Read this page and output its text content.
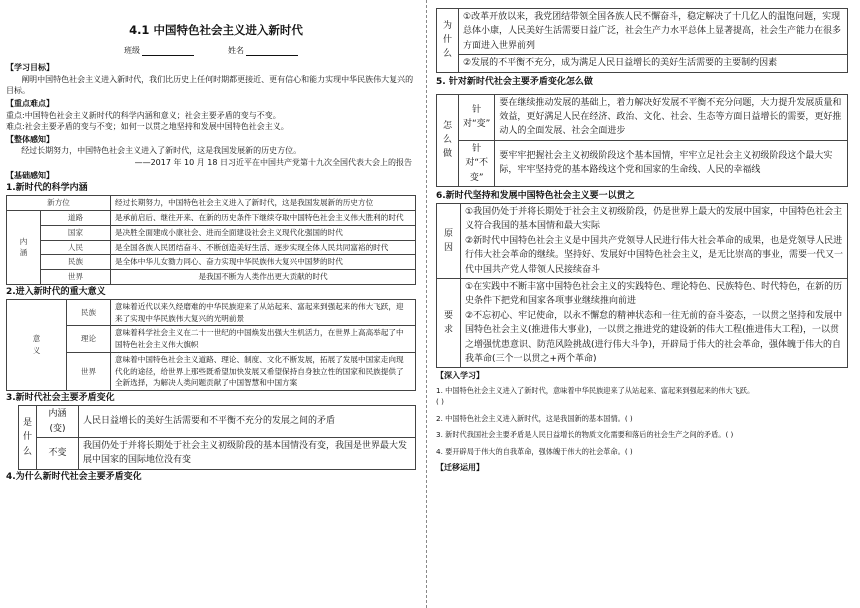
4.1 中国特色社会主义进入新时代
班级	姓名
【学习目标】
阐明中国特色社会主义进入新时代，我们比历史上任何时期都更接近、更有信心和能力实现中华民族伟大复兴的目标。
【重点难点】
重点:中国特色社会主义新时代的科学内涵和意义；社会主要矛盾的变与不变。
难点:社会主要矛盾的变与不变；如何一以贯之地坚持和发展中国特色社会主义。
【整体感知】
经过长期努力，中国特色社会主义进入了新时代，这是我国发展新的历史方位。
——2017 年 10 月 18 日习近平在中国共产党第十九次全国代表大会上的报告
【基础感知】
1.新时代的科学内涵
新方位		经过长期努力，中国特色社会主义进入了新时代，这是我国发展新的历史方位
内
涵	道路	是承前启后、继往开来、在新的历史条件下继续夺取中国特色社会主义伟大胜利的时代
	国家	是决胜全面建成小康社会、进而全面建设社会主义现代化强国的时代
	人民	是全国各族人民团结奋斗、不断创造美好生活、逐步实现全体人民共同富裕的时代
	民族	是全体中华儿女勠力同心、奋力实现中华民族伟大复兴中国梦的时代
	世界	是我国不断为人类作出更大贡献的时代
2.进入新时代的重大意义
意
义	民族	意味着近代以来久经磨难的中华民族迎来了从站起来、富起来到强起来的伟大飞跃，迎来了实现中华民族伟大复兴的光明前景
	理论	意味着科学社会主义在二十一世纪的中国焕发出强大生机活力，在世界上高高举起了中国特色社会主义伟大旗帜
	世界	意味着中国特色社会主义道路、理论、制度、文化不断发展，拓展了发展中国家走向现代化的途径，给世界上那些既希望加快发展又希望保持自身独立性的国家和民族提供了全新选择，为解决人类问题贡献了中国智慧和中国方案
3.新时代社会主要矛盾变化
是
什
么	内涵
(变)	人民日益增长的美好生活需要和不平衡不充分的发展之间的矛盾
	不变	我国仍处于并将长期处于社会主义初级阶段的基本国情没有变，我国是世界最大发展中国家的国际地位没有变
4.为什么新时代社会主要矛盾变化
为
什
么	①改革开放以来，我党团结带领全国各族人民不懈奋斗，稳定解决了十几亿人的温饱问题，实现总体小康，人民美好生活需要日益广泛，社会生产力水平总体上显著提高，社会生产能力在很多方面进入世界前列
②发展的不平衡不充分，成为满足人民日益增长的美好生活需要的主要制约因素
5. 针对新时代社会主要矛盾变化怎么做
怎
么
做	针对“变”	要在继续推动发展的基础上，着力解决好发展不平衡不充分问题，大力提升发展质量和效益，更好满足人民在经济、政治、文化、社会、生态等方面日益增长的需要，更好推动人的全面发展、社会全面进步
	针对“不变”	要牢牢把握社会主义初级阶段这个基本国情，牢牢立足社会主义初级阶段这个最大实际，牢牢坚持党的基本路线这个党和国家的生命线、人民的幸福线
6.新时代坚持和发展中国特色社会主义要一以贯之
原
因	①我国仍处于并将长期处于社会主义初级阶段，仍是世界上最大的发展中国家，中国特色社会主义符合我国的基本国情和最大实际
②新时代中国特色社会主义是中国共产党领导人民进行伟大社会革命的成果，也是党领导人民进行伟大社会革命的继续。坚持好、发展好中国特色社会主义，是无比崇高的事业，需要一代又一代中国共产党人带领人民接续奋斗
要
求	①在实践中不断丰富中国特色社会主义的实践特色、理论特色、民族特色、时代特色，在新的历史条件下把党和国家各项事业继续推向前进
②不忘初心、牢记使命，以永不懈怠的精神状态和一往无前的奋斗姿态，一以贯之坚持和发展中国特色社会主义(推进伟大事业)，一以贯之推进党的建设新的伟大工程(推进伟大工程)，一以贯之增强忧患意识、防范风险挑战(进行伟大斗争)，开辟局于伟大的社会革命，强体魄于伟大的自我革命(三个一以贯之+两个革命)
【深入学习】
1. 中国特色社会主义进入了新时代，意味着中华民族迎来了从站起来、富起来到强起来的伟大飞跃。
( )
2. 中国特色社会主义进入新时代，这是我国新的基本国情。( )
3. 新时代我国社会主要矛盾是人民日益增长的物质文化需要和落后的社会生产之间的矛盾。( )
4. 要开辟局于伟大的自我革命，强体魄于伟大的社会革命。( )
【迁移运用】
